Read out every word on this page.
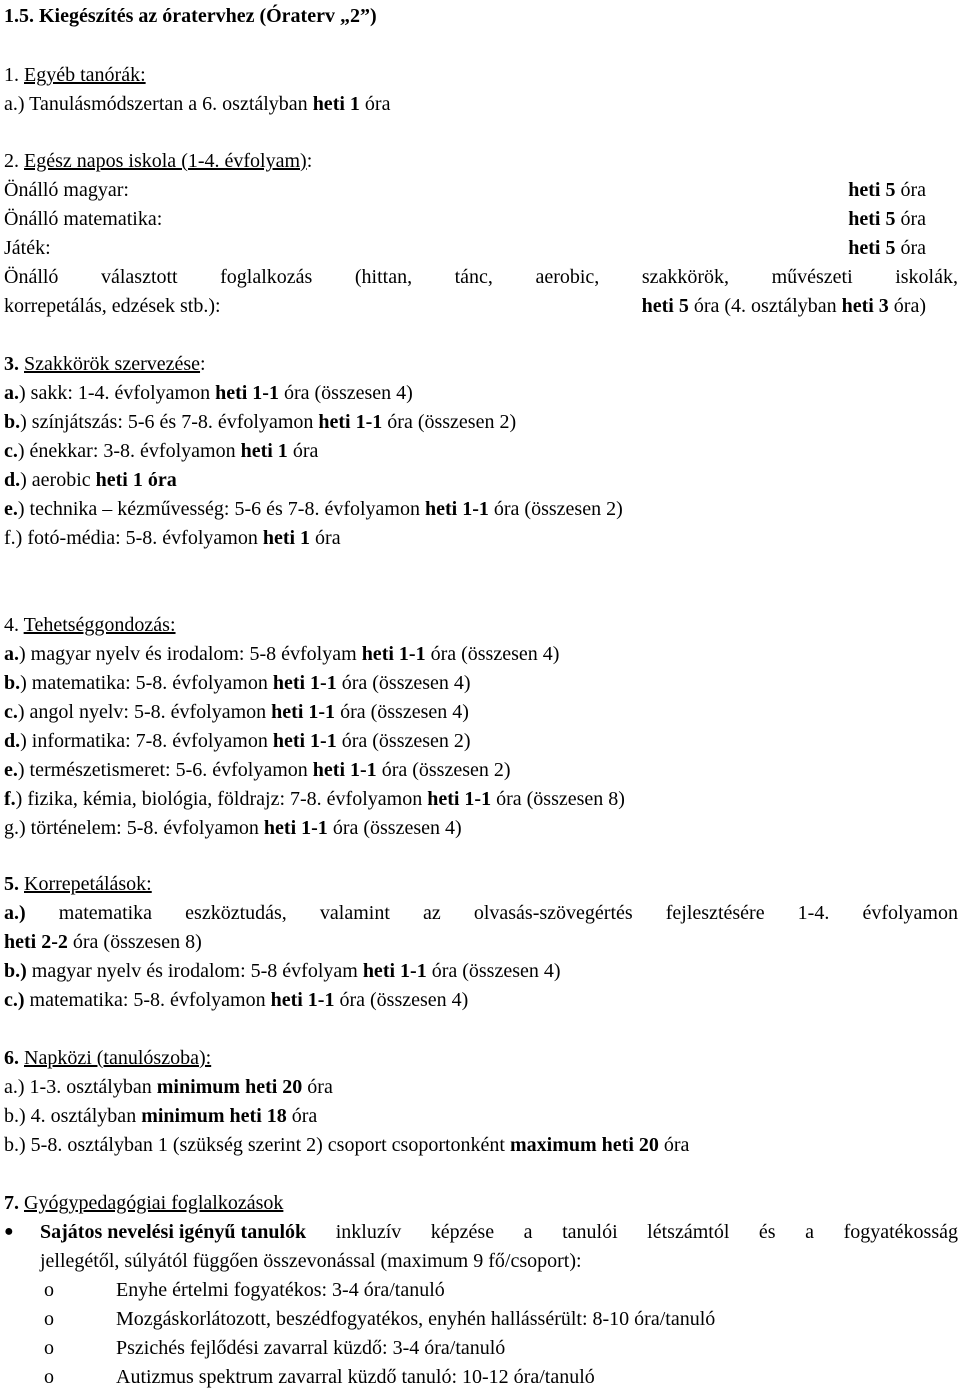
1.5. Kiegészítés az óratervhez (Óraterv „2”)
1. Egyéb tanórák:
a.) Tanulásmódszertan a 6. osztályban heti 1 óra
2. Egész napos iskola (1-4. évfolyam):
Önálló magyar:	heti 5 óra
Önálló matematika:	heti 5 óra
Játék:	heti 5 óra
Önálló választott foglalkozás (hittan, tánc, aerobic, szakkörök, művészeti iskolák,
korrepetálás, edzések stb.):	heti 5 óra (4. osztályban heti 3 óra)
3. Szakkörök szervezése:
a.) sakk: 1-4. évfolyamon heti 1-1 óra (összesen 4)
b.) színjátszás: 5-6 és 7-8. évfolyamon heti 1-1 óra (összesen 2)
c.) énekkar: 3-8. évfolyamon heti 1 óra
d.) aerobic heti 1 óra
e.) technika – kézművesség: 5-6 és 7-8. évfolyamon heti 1-1 óra (összesen 2)
f.) fotó-média: 5-8. évfolyamon heti 1 óra
4. Tehetséggondozás:
a.) magyar nyelv és irodalom: 5-8 évfolyam heti 1-1 óra (összesen 4)
b.) matematika: 5-8. évfolyamon heti 1-1 óra (összesen 4)
c.) angol nyelv: 5-8. évfolyamon heti 1-1 óra (összesen 4)
d.) informatika: 7-8. évfolyamon heti 1-1 óra (összesen 2)
e.) természetismeret: 5-6. évfolyamon heti 1-1 óra (összesen 2)
f.) fizika, kémia, biológia, földrajz: 7-8. évfolyamon heti 1-1 óra (összesen 8)
g.) történelem: 5-8. évfolyamon heti 1-1 óra (összesen 4)
5. Korrepetálások:
a.) matematika eszköztudás, valamint az olvasás-szövegértés fejlesztésére 1-4. évfolyamon
heti 2-2 óra (összesen 8)
b.) magyar nyelv és irodalom: 5-8 évfolyam heti 1-1 óra (összesen 4)
c.) matematika: 5-8. évfolyamon heti 1-1 óra (összesen 4)
6. Napközi (tanulószoba):
a.) 1-3. osztályban minimum heti 20 óra
b.) 4. osztályban minimum heti 18 óra
b.) 5-8. osztályban 1 (szükség szerint 2) csoport csoportonként maximum heti 20 óra
7. Gyógypedagógiai foglalkozások
● Sajátos nevelési igényű tanulók inkluzív képzése a tanulói létszámtól és a fogyatékosság
jellegétől, súlyától függően összevonással (maximum 9 fő/csoport):
o	Enyhe értelmi fogyatékos: 3-4 óra/tanuló
o	Mozgáskorlátozott, beszédfogyatékos, enyhén hallássérült: 8-10 óra/tanuló
o	Pszichés fejlődési zavarral küzdő: 3-4 óra/tanuló
o	Autizmus spektrum zavarral küzdő tanuló: 10-12 óra/tanuló
